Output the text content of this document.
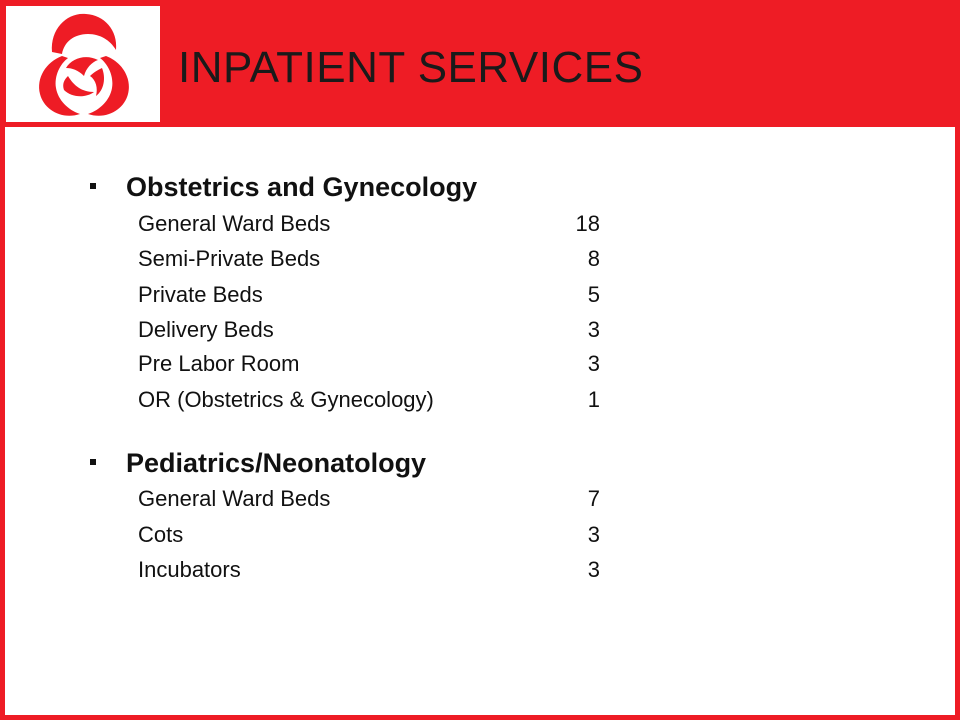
INPATIENT SERVICES
Obstetrics and Gynecology
General Ward Beds	18
Semi-Private Beds	8
Private Beds	5
Delivery Beds	3
Pre Labor Room	3
OR (Obstetrics & Gynecology)	1
Pediatrics/Neonatology
General Ward Beds	7
Cots	3
Incubators	3
